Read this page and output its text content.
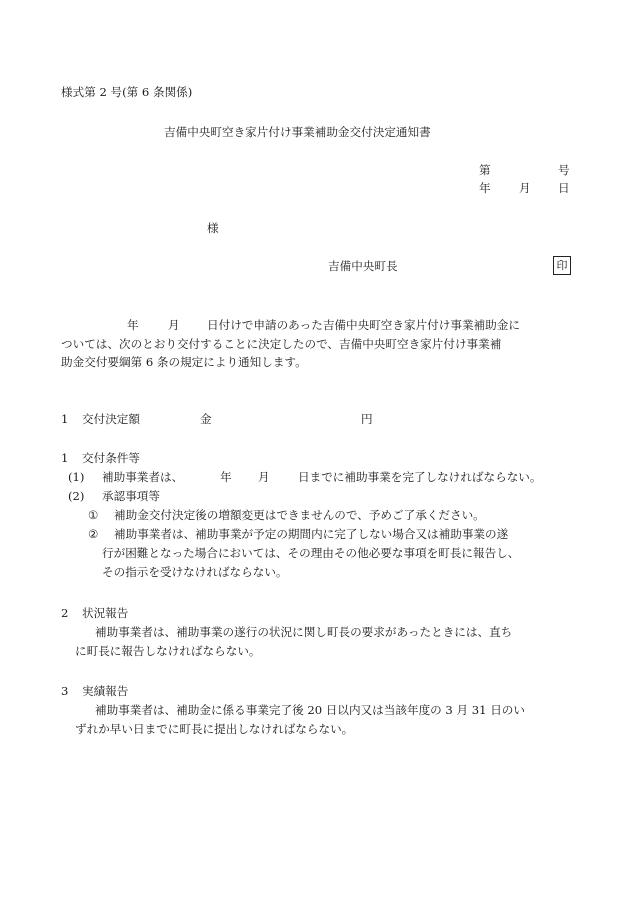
様式第 2 号(第 6 条関係)
吉備中央町空き家片付け事業補助金交付決定通知書
第	号
年 月 日
様
吉備中央町長	印
年	月 日付けで申請のあった吉備中央町空き家片付け事業補助金に
ついては、次のとおり交付することに決定したので、吉備中央町空き家片付け事業補
助金交付要綱第 6 条の規定により通知します。
1 交付決定額	金	円
1 交付条件等
(1) 補助事業者は、	年 月 日までに補助事業を完了しなければならない。
(2) 承認事項等
① 補助金交付決定後の増額変更はできませんので、予めご了承ください。
② 補助事業者は、補助事業が予定の期間内に完了しない場合又は補助事業の遂
行が困難となった場合においては、その理由その他必要な事項を町長に報告し、
その指示を受けなければならない。
2 状況報告
補助事業者は、補助事業の遂行の状況に関し町長の要求があったときには、直ち
に町長に報告しなければならない。
3 実績報告
補助事業者は、補助金に係る事業完了後 20 日以内又は当該年度の 3 月 31 日のい
ずれか早い日までに町長に提出しなければならない。
